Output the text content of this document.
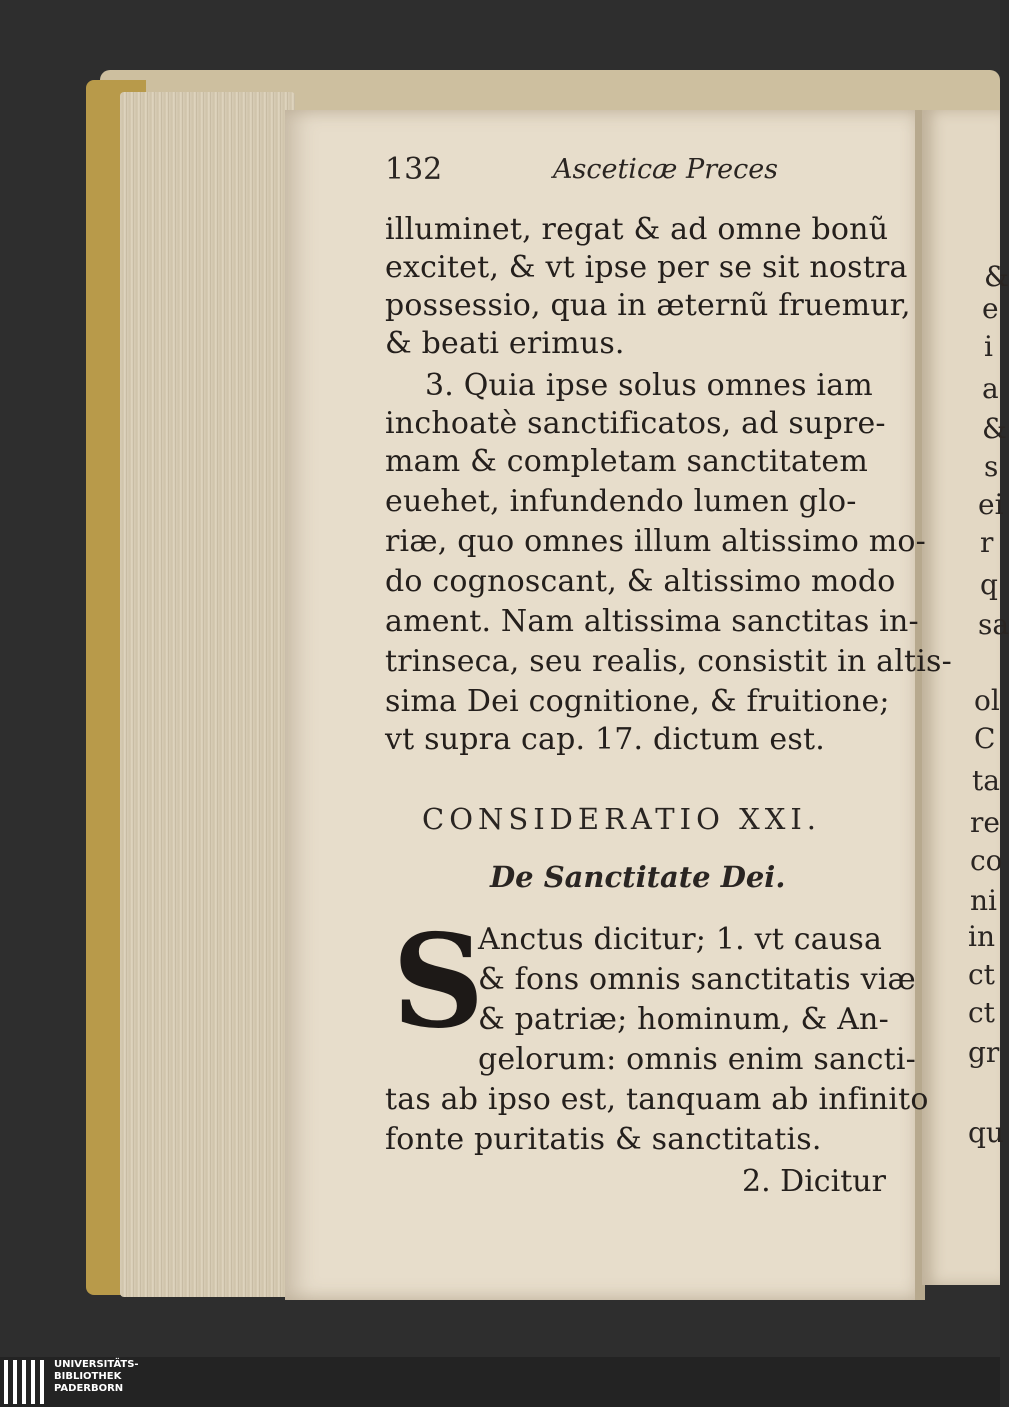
&
e
i
a
&
s
ei
r
q
sa
ol
C
ta
re
co
ni
in
ct
ct
gr
qu
132	Asceticæ Preces
illuminet, regat & ad omne bonũ
excitet, & vt ipse per se sit nostra
possessio, qua in æternũ fruemur,
& beati erimus.
3. Quia ipse solus omnes iam
inchoatè sanctificatos, ad supre-
mam & completam sanctitatem
euehet, infundendo lumen glo-
riæ, quo omnes illum altissimo mo-
do cognoscant, & altissimo modo
ament. Nam altissima sanctitas in-
trinseca, seu realis, consistit in altis-
sima Dei cognitione, & fruitione;
vt supra cap. 17. dictum est.
CONSIDERATIO XXI.
De Sanctitate Dei.
S
Anctus dicitur; 1. vt causa
& fons omnis sanctitatis viæ
& patriæ; hominum, & An-
gelorum: omnis enim sancti-
tas ab ipso est, tanquam ab infinito
fonte puritatis & sanctitatis.
2. Dicitur
UNIVERSITÄTS-
BIBLIOTHEK
PADERBORN
